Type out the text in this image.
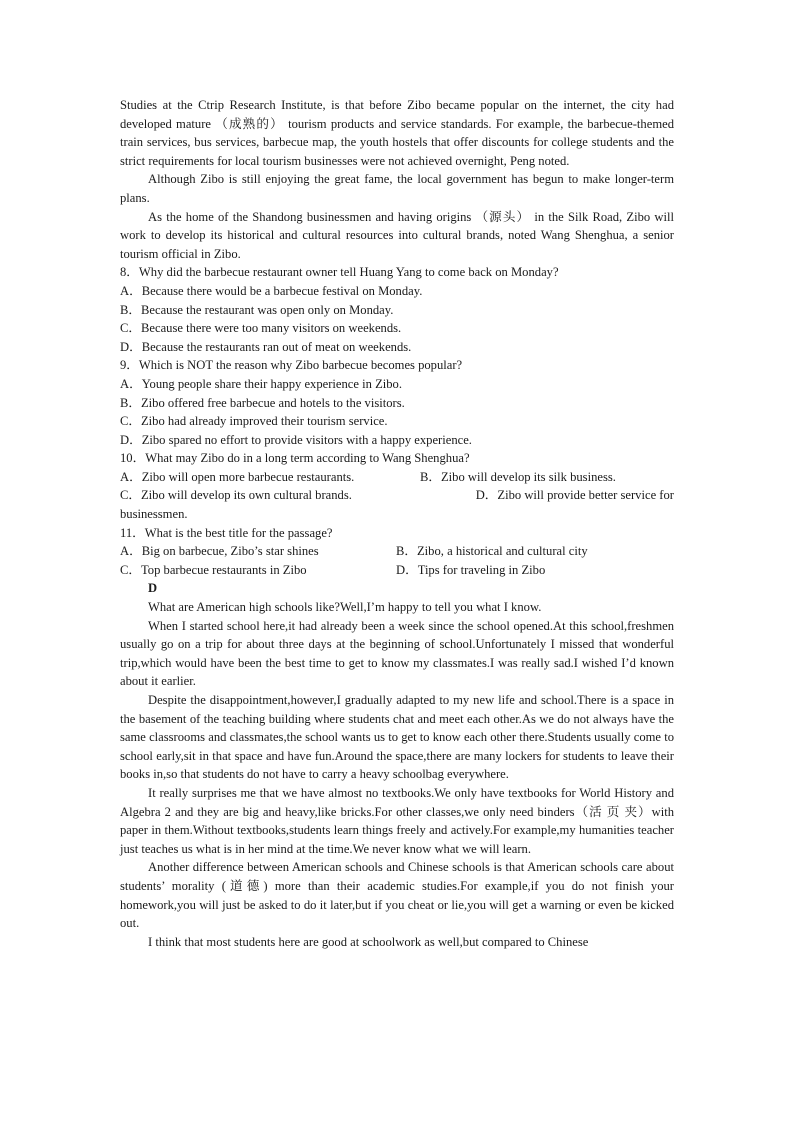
Studies at the Ctrip Research Institute, is that before Zibo became popular on the internet, the city had developed mature （成熟的） tourism products and service standards. For example, the barbecue-themed train services, bus services, barbecue map, the youth hostels that offer discounts for college students and the strict requirements for local tourism businesses were not achieved overnight, Peng noted.

Although Zibo is still enjoying the great fame, the local government has begun to make longer-term plans.

As the home of the Shandong businessmen and having origins （源头） in the Silk Road, Zibo will work to develop its historical and cultural resources into cultural brands, noted Wang Shenghua, a senior tourism official in Zibo.

8．Why did the barbecue restaurant owner tell Huang Yang to come back on Monday?
A．Because there would be a barbecue festival on Monday.
B．Because the restaurant was open only on Monday.
C．Because there were too many visitors on weekends.
D．Because the restaurants ran out of meat on weekends.
9．Which is NOT the reason why Zibo barbecue becomes popular?
A．Young people share their happy experience in Zibo.
B．Zibo offered free barbecue and hotels to the visitors.
C．Zibo had already improved their tourism service.
D．Zibo spared no effort to provide visitors with a happy experience.
10．What may Zibo do in a long term according to Wang Shenghua?
A．Zibo will open more barbecue restaurants.	B．Zibo will develop its silk business.
C．Zibo will develop its own cultural brands.	D．Zibo will provide better service for
businessmen.
11．What is the best title for the passage?
A．Big on barbecue, Zibo’s star shines	B．Zibo, a historical and cultural city
C．Top barbecue restaurants in Zibo	D．Tips for traveling in Zibo
D

What are American high schools like?Well,I’m happy to tell you what I know.

When I started school here,it had already been a week since the school opened.At this school,freshmen usually go on a trip for about three days at the beginning of school.Unfortunately I missed that wonderful trip,which would have been the best time to get to know my classmates.I was really sad.I wished I’d known about it earlier.

Despite the disappointment,however,I gradually adapted to my new life and school.There is a space in the basement of the teaching building where students chat and meet each other.As we do not always have the same classrooms and classmates,the school wants us to get to know each other there.Students usually come to school early,sit in that space and have fun.Around the space,there are many lockers for students to leave their books in,so that students do not have to carry a heavy schoolbag everywhere.

It really surprises me that we have almost no textbooks.We only have textbooks for World History and Algebra 2 and they are big and heavy,like bricks.For other classes,we only need binders（活 页 夹）with paper in them.Without textbooks,students learn things freely and actively.For example,my humanities teacher just teaches us what is in her mind at the time.We never know what we will learn.

Another difference between American schools and Chinese schools is that American schools care about students’ morality (道德) more than their academic studies.For example,if you do not finish your homework,you will just be asked to do it later,but if you cheat or lie,you will get a warning or even be kicked out.

I think that most students here are good at schoolwork as well,but compared to Chinese
